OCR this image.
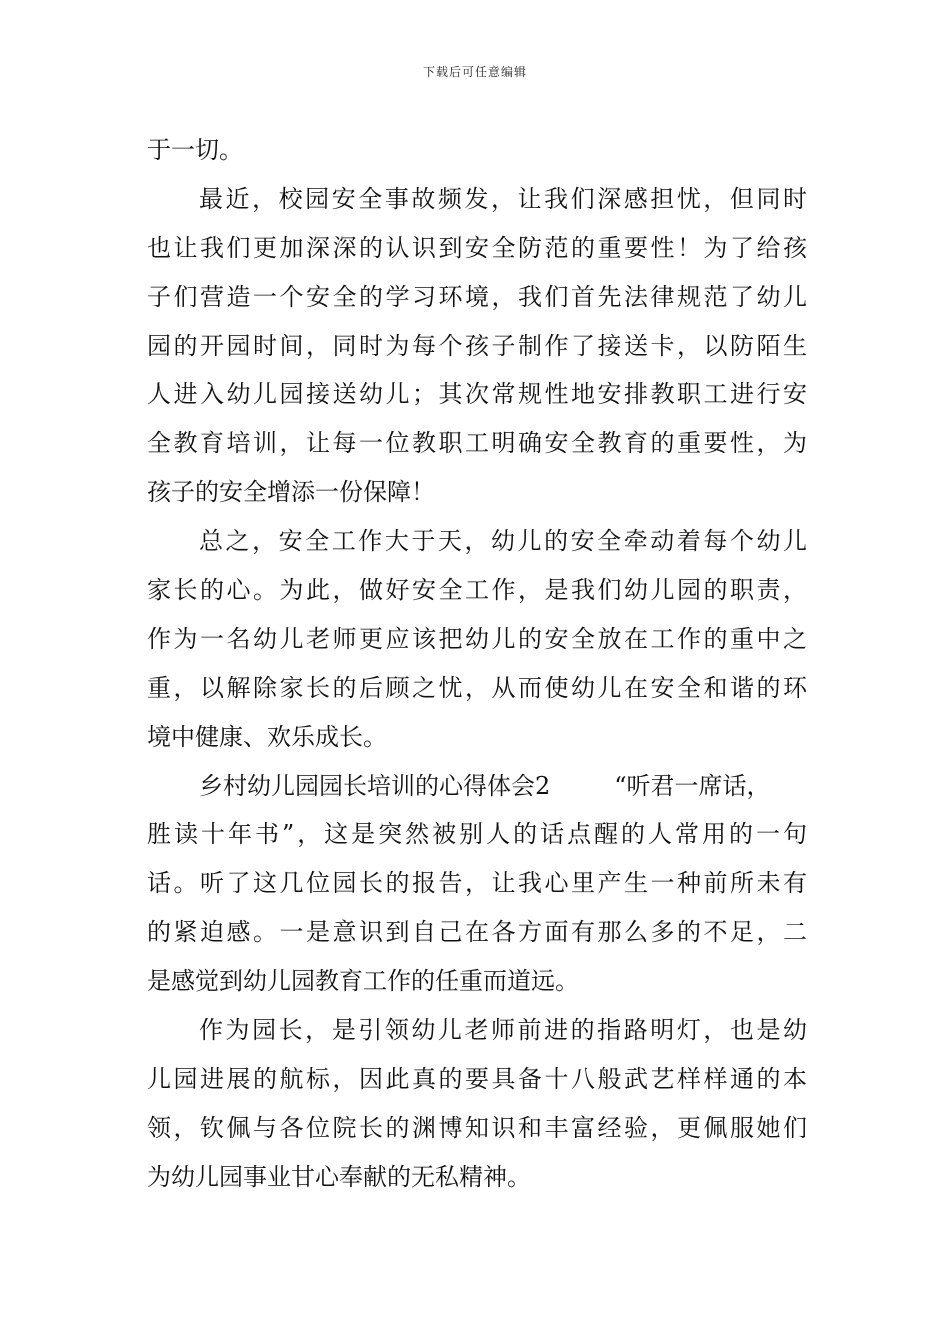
下载后可任意编辑
于一切。
最近，校园安全事故频发，让我们深感担忧，但同时
也让我们更加深深的认识到安全防范的重要性！为了给孩
子们营造一个安全的学习环境，我们首先法律规范了幼儿
园的开园时间，同时为每个孩子制作了接送卡，以防陌生
人进入幼儿园接送幼儿；其次常规性地安排教职工进行安
全教育培训，让每一位教职工明确安全教育的重要性，为
孩子的安全增添一份保障！
总之，安全工作大于天，幼儿的安全牵动着每个幼儿
家长的心。为此，做好安全工作，是我们幼儿园的职责，
作为一名幼儿老师更应该把幼儿的安全放在工作的重中之
重，以解除家长的后顾之忧，从而使幼儿在安全和谐的环
境中健康、欢乐成长。
乡村幼儿园园长培训的心得体会2	“听君一席话，
胜读十年书”，这是突然被别人的话点醒的人常用的一句
话。听了这几位园长的报告，让我心里产生一种前所未有
的紧迫感。一是意识到自己在各方面有那么多的不足，二
是感觉到幼儿园教育工作的任重而道远。
作为园长，是引领幼儿老师前进的指路明灯，也是幼
儿园进展的航标，因此真的要具备十八般武艺样样通的本
领，钦佩与各位院长的渊博知识和丰富经验，更佩服她们
为幼儿园事业甘心奉献的无私精神。
